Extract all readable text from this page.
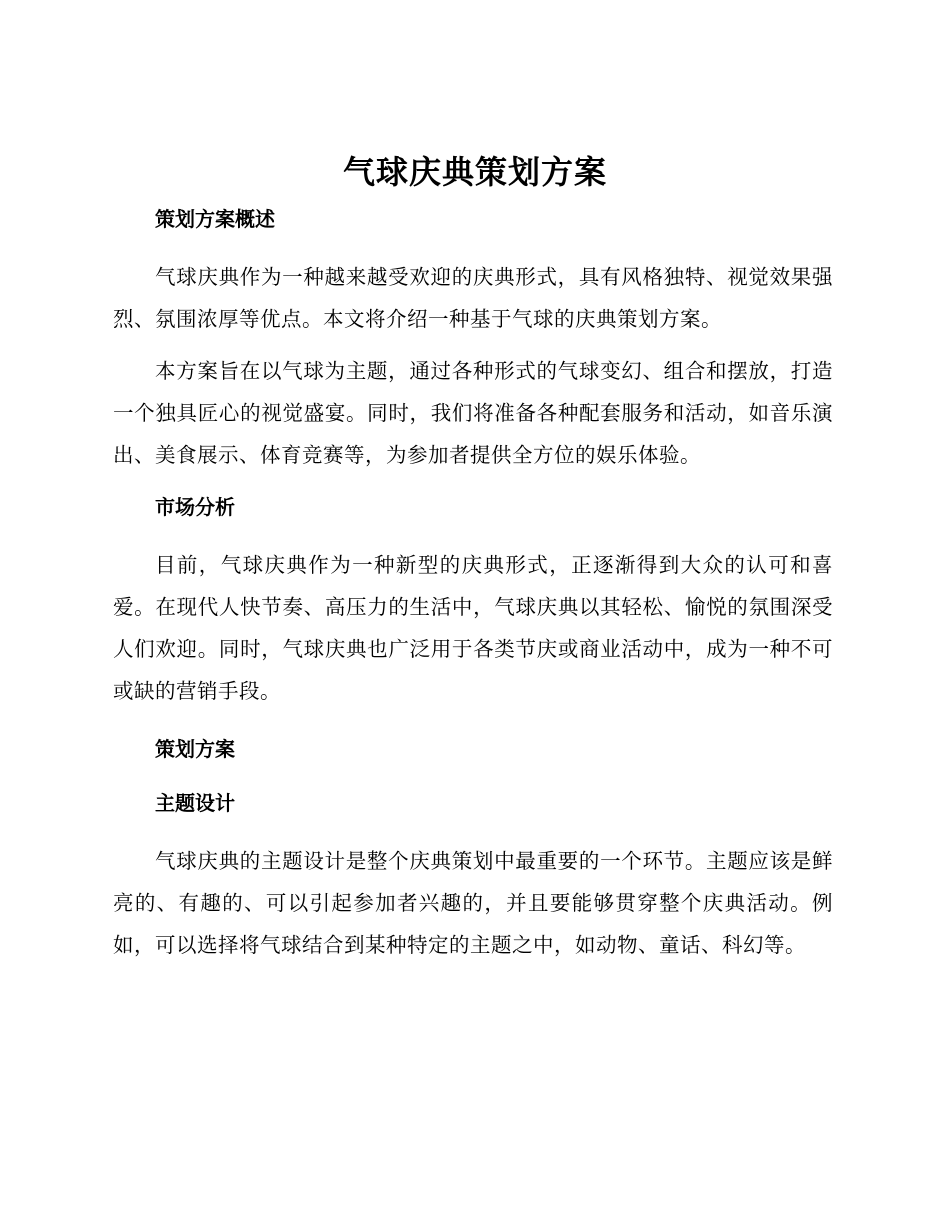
气球庆典策划方案
策划方案概述

气球庆典作为一种越来越受欢迎的庆典形式，具有风格独特、视觉效果强烈、氛围浓厚等优点。本文将介绍一种基于气球的庆典策划方案。

本方案旨在以气球为主题，通过各种形式的气球变幻、组合和摆放，打造一个独具匠心的视觉盛宴。同时，我们将准备各种配套服务和活动，如音乐演出、美食展示、体育竞赛等，为参加者提供全方位的娱乐体验。

市场分析

目前，气球庆典作为一种新型的庆典形式，正逐渐得到大众的认可和喜爱。在现代人快节奏、高压力的生活中，气球庆典以其轻松、愉悦的氛围深受人们欢迎。同时，气球庆典也广泛用于各类节庆或商业活动中，成为一种不可或缺的营销手段。

策划方案
主题设计

气球庆典的主题设计是整个庆典策划中最重要的一个环节。主题应该是鲜亮的、有趣的、可以引起参加者兴趣的，并且要能够贯穿整个庆典活动。例如，可以选择将气球结合到某种特定的主题之中，如动物、童话、科幻等。
